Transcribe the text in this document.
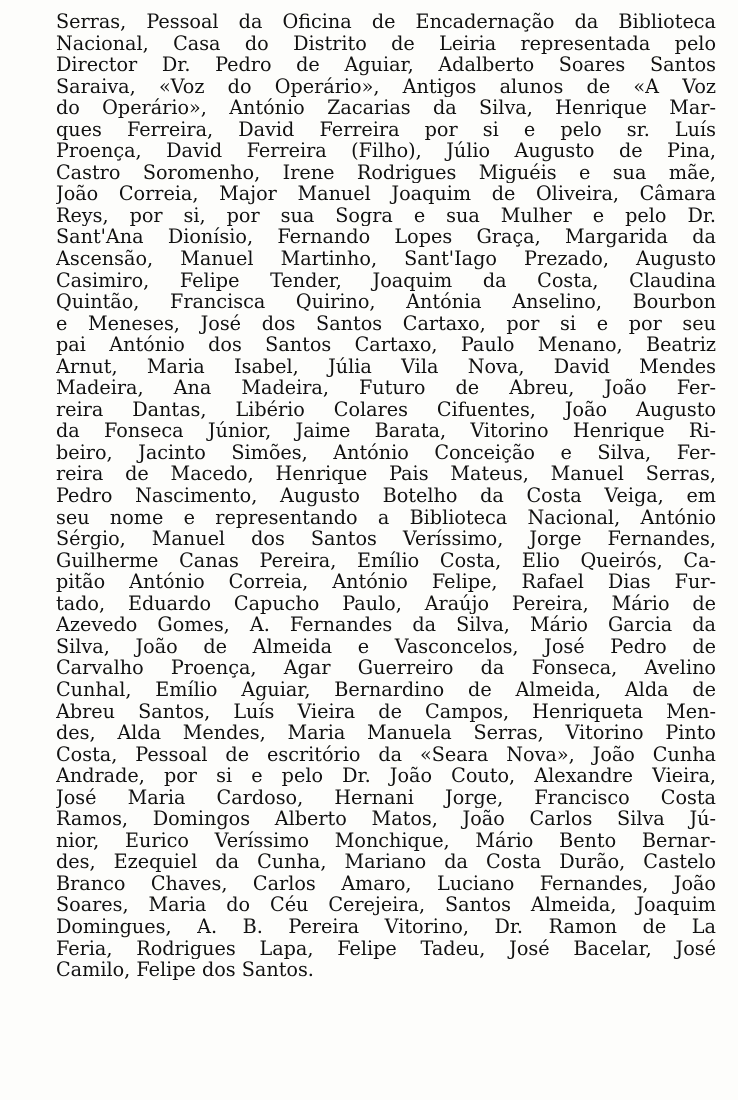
Serras, Pessoal da Oficina de Encadernação da Biblioteca
Nacional, Casa do Distrito de Leiria representada pelo
Director Dr. Pedro de Aguiar, Adalberto Soares Santos
Saraiva, «Voz do Operário», Antigos alunos de «A Voz
do Operário», António Zacarias da Silva, Henrique Mar-
ques Ferreira, David Ferreira por si e pelo sr. Luís
Proença, David Ferreira (Filho), Júlio Augusto de Pina,
Castro Soromenho, Irene Rodrigues Miguéis e sua mãe,
João Correia, Major Manuel Joaquim de Oliveira, Câmara
Reys, por si, por sua Sogra e sua Mulher e pelo Dr.
Sant'Ana Dionísio, Fernando Lopes Graça, Margarida da
Ascensão, Manuel Martinho, Sant'Iago Prezado, Augusto
Casimiro, Felipe Tender, Joaquim da Costa, Claudina
Quintão, Francisca Quirino, Antónia Anselino, Bourbon
e Meneses, José dos Santos Cartaxo, por si e por seu
pai António dos Santos Cartaxo, Paulo Menano, Beatriz
Arnut, Maria Isabel, Júlia Vila Nova, David Mendes
Madeira, Ana Madeira, Futuro de Abreu, João Fer-
reira Dantas, Libério Colares Cifuentes, João Augusto
da Fonseca Júnior, Jaime Barata, Vitorino Henrique Ri-
beiro, Jacinto Simões, António Conceição e Silva, Fer-
reira de Macedo, Henrique Pais Mateus, Manuel Serras,
Pedro Nascimento, Augusto Botelho da Costa Veiga, em
seu nome e representando a Biblioteca Nacional, António
Sérgio, Manuel dos Santos Veríssimo, Jorge Fernandes,
Guilherme Canas Pereira, Emílio Costa, Elio Queirós, Ca-
pitão António Correia, António Felipe, Rafael Dias Fur-
tado, Eduardo Capucho Paulo, Araújo Pereira, Mário de
Azevedo Gomes, A. Fernandes da Silva, Mário Garcia da
Silva, João de Almeida e Vasconcelos, José Pedro de
Carvalho Proença, Agar Guerreiro da Fonseca, Avelino
Cunhal, Emílio Aguiar, Bernardino de Almeida, Alda de
Abreu Santos, Luís Vieira de Campos, Henriqueta Men-
des, Alda Mendes, Maria Manuela Serras, Vitorino Pinto
Costa, Pessoal de escritório da «Seara Nova», João Cunha
Andrade, por si e pelo Dr. João Couto, Alexandre Vieira,
José Maria Cardoso, Hernani Jorge, Francisco Costa
Ramos, Domingos Alberto Matos, João Carlos Silva Jú-
nior, Eurico Veríssimo Monchique, Mário Bento Bernar-
des, Ezequiel da Cunha, Mariano da Costa Durão, Castelo
Branco Chaves, Carlos Amaro, Luciano Fernandes, João
Soares, Maria do Céu Cerejeira, Santos Almeida, Joaquim
Domingues, A. B. Pereira Vitorino, Dr. Ramon de La
Feria, Rodrigues Lapa, Felipe Tadeu, José Bacelar, José
Camilo, Felipe dos Santos.
